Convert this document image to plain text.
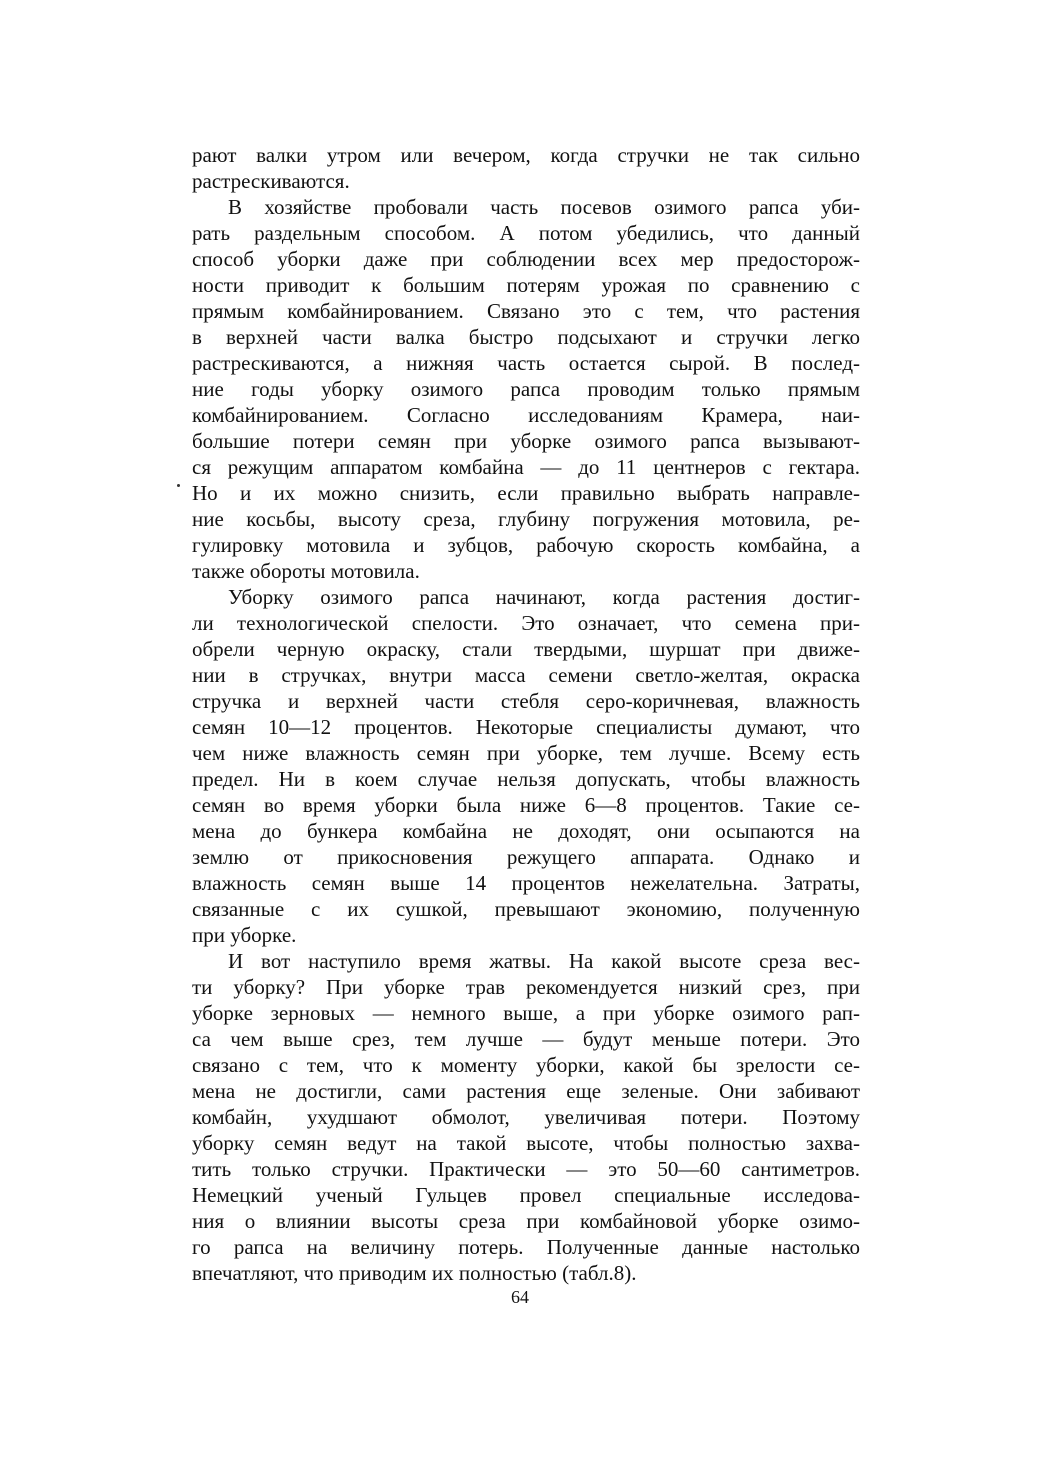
рают валки утром или вечером, когда стручки не так сильно
растрескиваются.
В хозяйстве пробовали часть посевов озимого рапса уби-
рать раздельным способом. А потом убедились, что данный
способ уборки даже при соблюдении всех мер предосторож-
ности приводит к большим потерям урожая по сравнению с
прямым комбайнированием. Связано это с тем, что растения
в верхней части валка быстро подсыхают и стручки легко
растрескиваются, а нижняя часть остается сырой. В послед-
ние годы уборку озимого рапса проводим только прямым
комбайнированием. Согласно исследованиям Крамера, наи-
большие потери семян при уборке озимого рапса вызывают-
ся режущим аппаратом комбайна — до 11 центнеров с гектара.
Но и их можно снизить, если правильно выбрать направле-
ние косьбы, высоту среза, глубину погружения мотовила, ре-
гулировку мотовила и зубцов, рабочую скорость комбайна, а
также обороты мотовила.
Уборку озимого рапса начинают, когда растения достиг-
ли технологической спелости. Это означает, что семена при-
обрели черную окраску, стали твердыми, шуршат при движе-
нии в стручках, внутри масса семени светло-желтая, окраска
стручка и верхней части стебля серо-коричневая, влажность
семян 10—12 процентов. Некоторые специалисты думают, что
чем ниже влажность семян при уборке, тем лучше. Всему есть
предел. Ни в коем случае нельзя допускать, чтобы влажность
семян во время уборки была ниже 6—8 процентов. Такие се-
мена до бункера комбайна не доходят, они осыпаются на
землю от прикосновения режущего аппарата. Однако и
влажность семян выше 14 процентов нежелательна. Затраты,
связанные с их сушкой, превышают экономию, полученную
при уборке.
И вот наступило время жатвы. На какой высоте среза вес-
ти уборку? При уборке трав рекомендуется низкий срез, при
уборке зерновых — немного выше, а при уборке озимого рап-
са чем выше срез, тем лучше — будут меньше потери. Это
связано с тем, что к моменту уборки, какой бы зрелости се-
мена не достигли, сами растения еще зеленые. Они забивают
комбайн, ухудшают обмолот, увеличивая потери. Поэтому
уборку семян ведут на такой высоте, чтобы полностью захва-
тить только стручки. Практически — это 50—60 сантиметров.
Немецкий ученый Гульцев провел специальные исследова-
ния о влиянии высоты среза при комбайновой уборке озимо-
го рапса на величину потерь. Полученные данные настолько
впечатляют, что приводим их полностью (табл.8).
64
